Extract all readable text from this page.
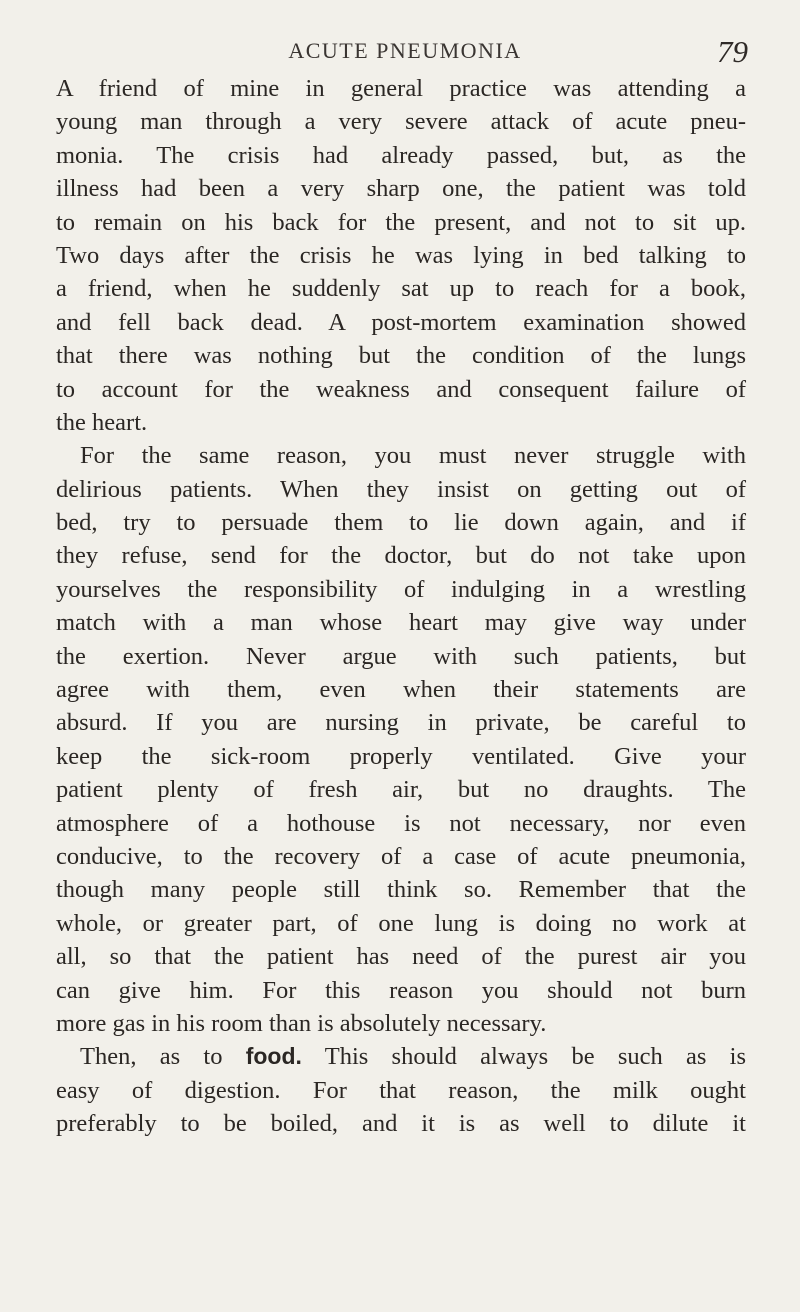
ACUTE PNEUMONIA	79
A friend of mine in general practice was attending a
young man through a very severe attack of acute pneu-
monia. The crisis had already passed, but, as the
illness had been a very sharp one, the patient was told
to remain on his back for the present, and not to sit up.
Two days after the crisis he was lying in bed talking to
a friend, when he suddenly sat up to reach for a book,
and fell back dead. A post-mortem examination showed
that there was nothing but the condition of the lungs
to account for the weakness and consequent failure of
the heart.
For the same reason, you must never struggle with
delirious patients. When they insist on getting out of
bed, try to persuade them to lie down again, and if
they refuse, send for the doctor, but do not take upon
yourselves the responsibility of indulging in a wrestling
match with a man whose heart may give way under
the exertion. Never argue with such patients, but
agree with them, even when their statements are
absurd. If you are nursing in private, be careful to
keep the sick-room properly ventilated. Give your
patient plenty of fresh air, but no draughts. The
atmosphere of a hothouse is not necessary, nor even
conducive, to the recovery of a case of acute pneumonia,
though many people still think so. Remember that the
whole, or greater part, of one lung is doing no work at
all, so that the patient has need of the purest air you
can give him. For this reason you should not burn
more gas in his room than is absolutely necessary.
Then, as to food. This should always be such as is
easy of digestion. For that reason, the milk ought
preferably to be boiled, and it is as well to dilute it
